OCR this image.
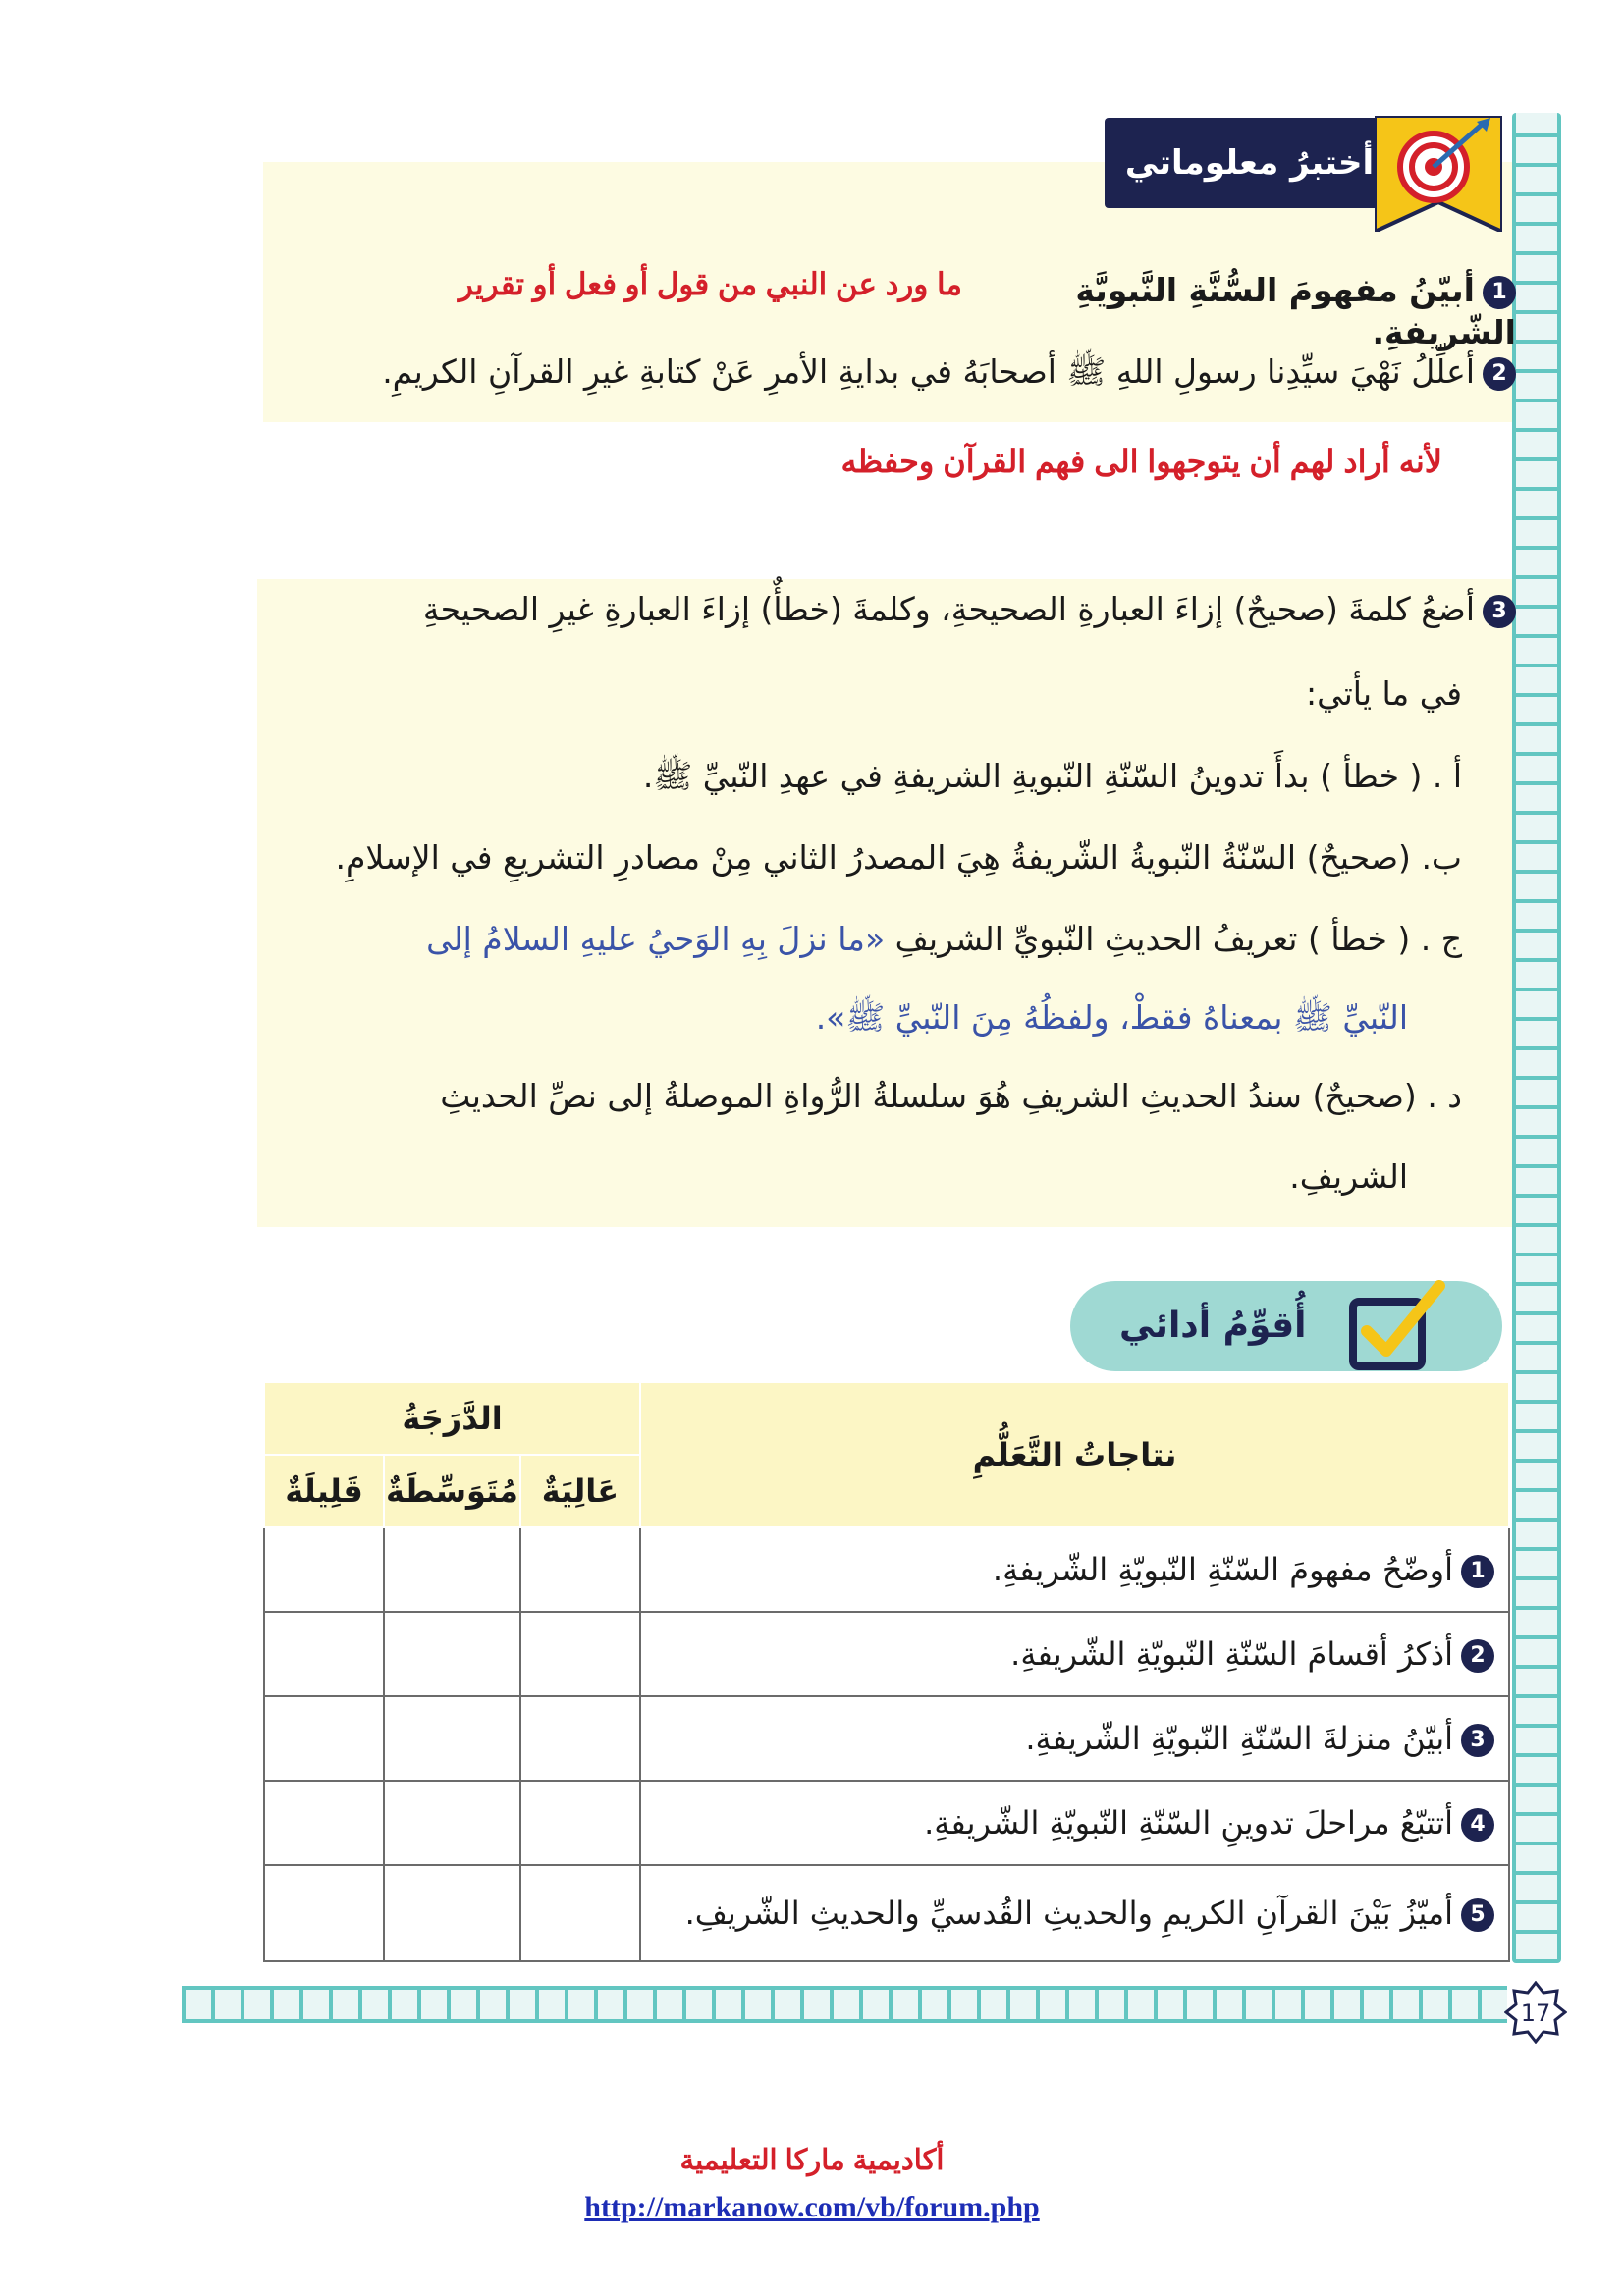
أختبرُ معلوماتي
1أبيّنُ مفهومَ السُّنَّةِ النَّبويَّةِ الشّريفةِ.
ما ورد عن النبي من قول أو فعل أو تقرير
2أعلِّلُ نَهْيَ سيِّدِنا رسولِ اللهِ ﷺ أصحابَهُ في بدايةِ الأمرِ عَنْ كتابةِ غيرِ القرآنِ الكريمِ.
لأنه أراد لهم أن يتوجهوا الى فهم القرآن وحفظه
3أضعُ كلمةَ (صحيحٌ) إزاءَ العبارةِ الصحيحةِ، وكلمةَ (خطأٌ) إزاءَ العبارةِ غيرِ الصحيحةِ
في ما يأتي:
أ . ( خطأ ) بدأَ تدوينُ السّنّةِ النّبويةِ الشريفةِ في عهدِ النّبيِّ ﷺ.
ب. (صحيحٌ) السّنّةُ النّبويةُ الشّريفةُ هِيَ المصدرُ الثاني مِنْ مصادرِ التشريعِ في الإسلامِ.
ج . ( خطأ ) تعريفُ الحديثِ النّبويِّ الشريفِ «ما نزلَ بِهِ الوَحيُ عليهِ السلامُ إلى
النّبيِّ ﷺ بمعناهُ فقطْ، ولفظُهُ مِنَ النّبيِّ ﷺ».
د . (صحيحٌ) سندُ الحديثِ الشريفِ هُوَ سلسلةُ الرُّواةِ الموصلةُ إلى نصِّ الحديثِ
الشريفِ.
أُقوِّمُ أدائي
نتاجاتُ التَّعَلُّمِ	الدَّرَجَةُ		
	عَالِيَةٌ	مُتَوَسِّطَةٌ	قَلِيلَةٌ
1أوضّحُ مفهومَ السّنّةِ النّبويّةِ الشّريفةِ.			
2أذكرُ أقسامَ السّنّةِ النّبويّةِ الشّريفةِ.			
3أبيّنُ منزلةَ السّنّةِ النّبويّةِ الشّريفةِ.			
4أتتبّعُ مراحلَ تدوينِ السّنّةِ النّبويّةِ الشّريفةِ.			
5أميّزُ بَيْنَ القرآنِ الكريمِ والحديثِ القُدسيِّ والحديثِ الشّريفِ.			
17
أكاديمية ماركا التعليمية
http://markanow.com/vb/forum.php
